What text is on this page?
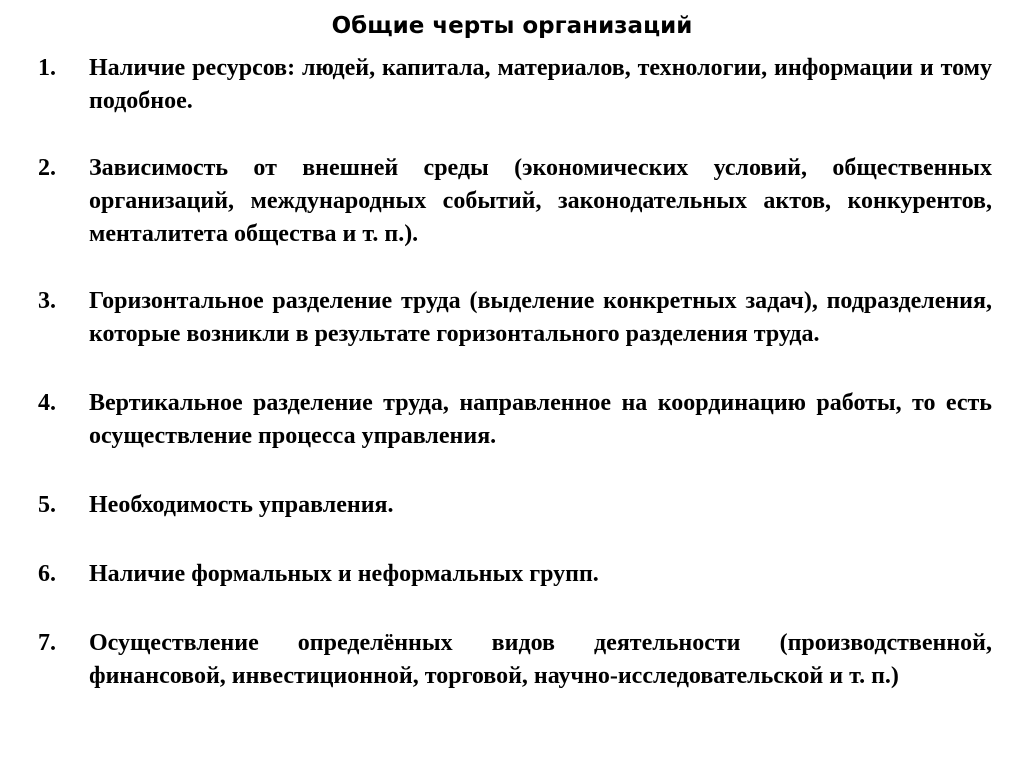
Общие черты организаций
1. Наличие ресурсов: людей, капитала, материалов, технологии, информации и тому подобное.
2. Зависимость от внешней среды (экономических условий, общественных организаций, международных событий, законодательных актов, конкурентов, менталитета общества и т. п.).
3. Горизонтальное разделение труда (выделение конкретных задач), подразделения, которые возникли в результате горизонтального разделения труда.
4. Вертикальное разделение труда, направленное на координацию работы, то есть осуществление процесса управления.
5. Необходимость управления.
6. Наличие формальных и неформальных групп.
7. Осуществление определённых видов деятельности (производственной, финансовой, инвестиционной, торговой, научно-исследовательской и т. п.)
